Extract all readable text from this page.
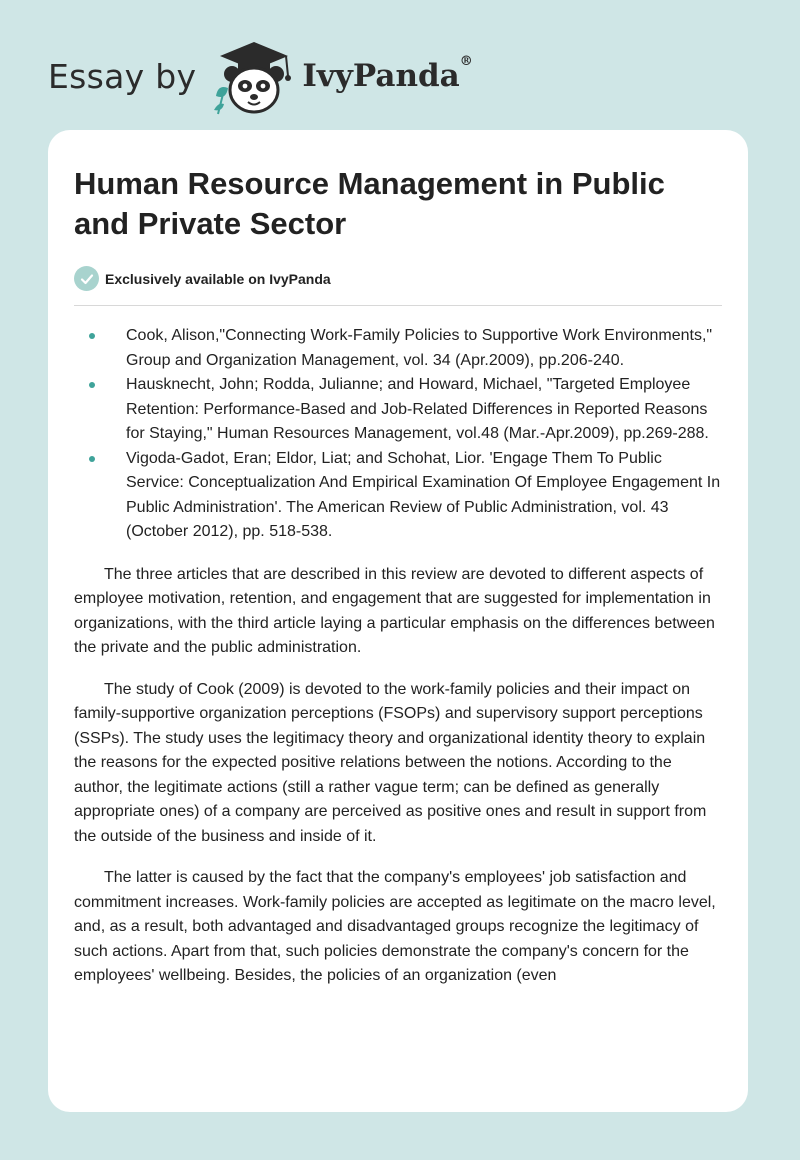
Essay by	IvyPanda®
Human Resource Management in Public and Private Sector
Exclusively available on IvyPanda
Cook, Alison,"Connecting Work-Family Policies to Supportive Work Environments," Group and Organization Management, vol. 34 (Apr.2009), pp.206-240.
Hausknecht, John; Rodda, Julianne; and Howard, Michael, "Targeted Employee Retention: Performance-Based and Job-Related Differences in Reported Reasons for Staying," Human Resources Management, vol.48 (Mar.-Apr.2009), pp.269-288.
Vigoda-Gadot, Eran; Eldor, Liat; and Schohat, Lior. 'Engage Them To Public Service: Conceptualization And Empirical Examination Of Employee Engagement In Public Administration'. The American Review of Public Administration, vol. 43 (October 2012), pp. 518-538.

The three articles that are described in this review are devoted to different aspects of employee motivation, retention, and engagement that are suggested for implementation in organizations, with the third article laying a particular emphasis on the differences between the private and the public administration.

The study of Cook (2009) is devoted to the work-family policies and their impact on family-supportive organization perceptions (FSOPs) and supervisory support perceptions (SSPs). The study uses the legitimacy theory and organizational identity theory to explain the reasons for the expected positive relations between the notions. According to the author, the legitimate actions (still a rather vague term; can be defined as generally appropriate ones) of a company are perceived as positive ones and result in support from the outside of the business and inside of it.

The latter is caused by the fact that the company's employees' job satisfaction and commitment increases. Work-family policies are accepted as legitimate on the macro level, and, as a result, both advantaged and disadvantaged groups recognize the legitimacy of such actions. Apart from that, such policies demonstrate the company's concern for the employees' wellbeing. Besides, the policies of an organization (even
